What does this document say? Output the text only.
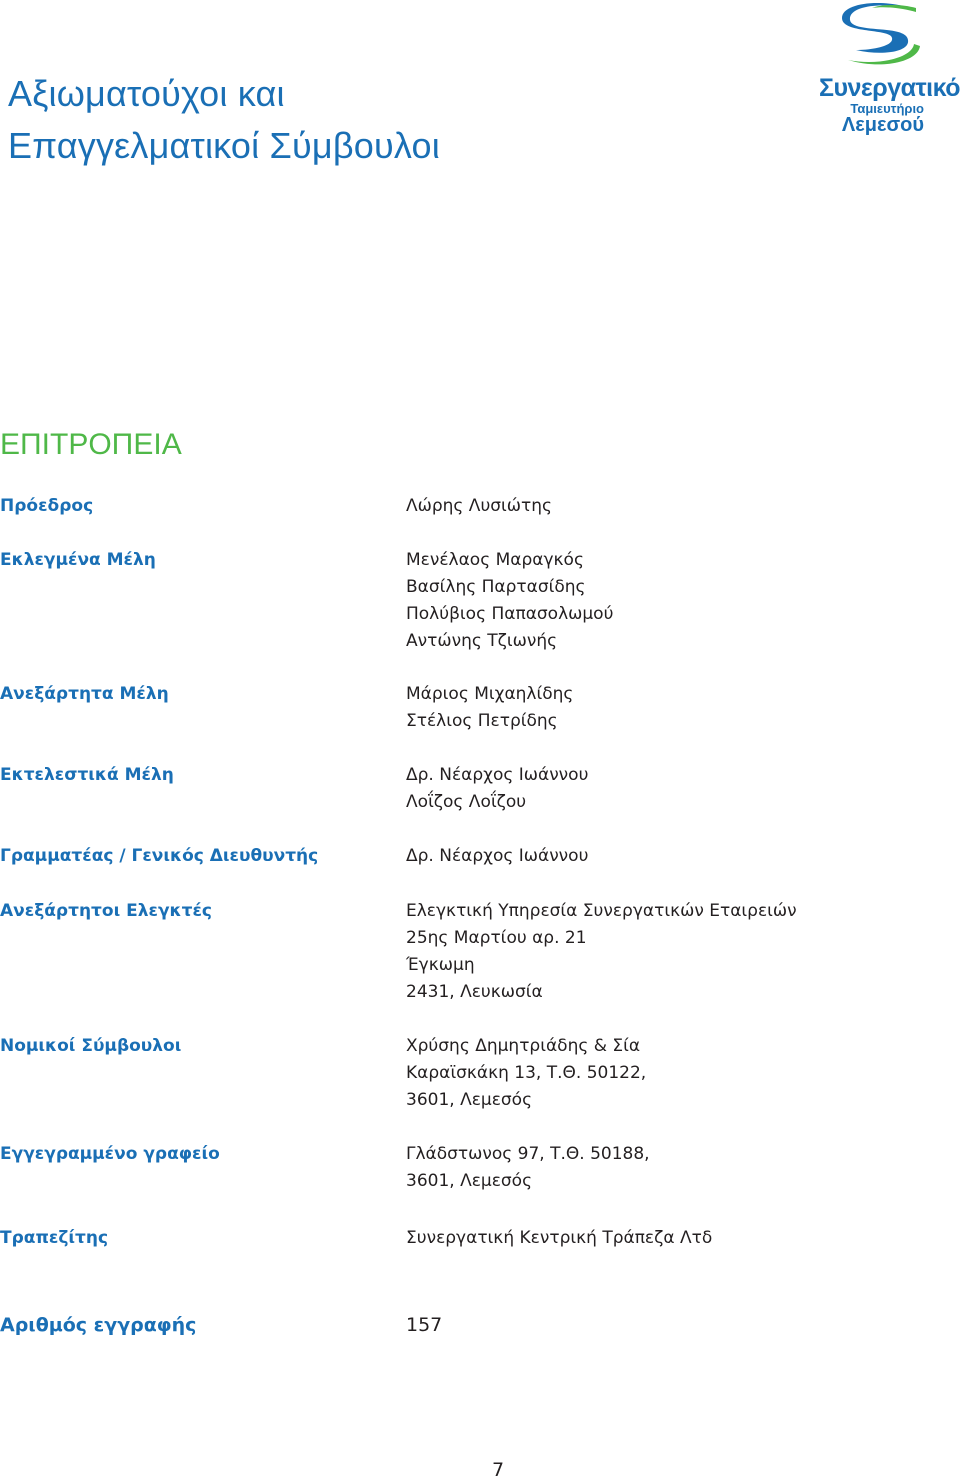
Αξιωματούχοι και
Επαγγελματικοί Σύμβουλοι
Συνεργατικό
Ταμιευτήριο
Λεμεσού
ΕΠΙΤΡΟΠΕΙΑ
Πρόεδρος	Λώρης Λυσιώτης
Εκλεγμένα Μέλη	Μενέλαος Μαραγκός
Βασίλης Παρτασίδης
Πολύβιος Παπασολωμού
Αντώνης Τζιωνής
Ανεξάρτητα Μέλη	Μάριος Μιχαηλίδης
Στέλιος Πετρίδης
Εκτελεστικά Μέλη	Δρ. Νέαρχος Ιωάννου
Λοΐζος Λοΐζου
Γραμματέας / Γενικός Διευθυντής	Δρ. Νέαρχος Ιωάννου
Ανεξάρτητοι Ελεγκτές	Ελεγκτική Υπηρεσία Συνεργατικών Εταιρειών
25ης Μαρτίου αρ. 21
Έγκωμη
2431, Λευκωσία
Νομικοί Σύμβουλοι	Χρύσης Δημητριάδης & Σία
Καραϊσκάκη 13, Τ.Θ. 50122,
3601, Λεμεσός
Εγγεγραμμένο γραφείο	Γλάδστωνος 97, Τ.Θ. 50188,
3601, Λεμεσός
Τραπεζίτης	Συνεργατική Κεντρική Τράπεζα Λτδ
Αριθμός εγγραφής	157
7
